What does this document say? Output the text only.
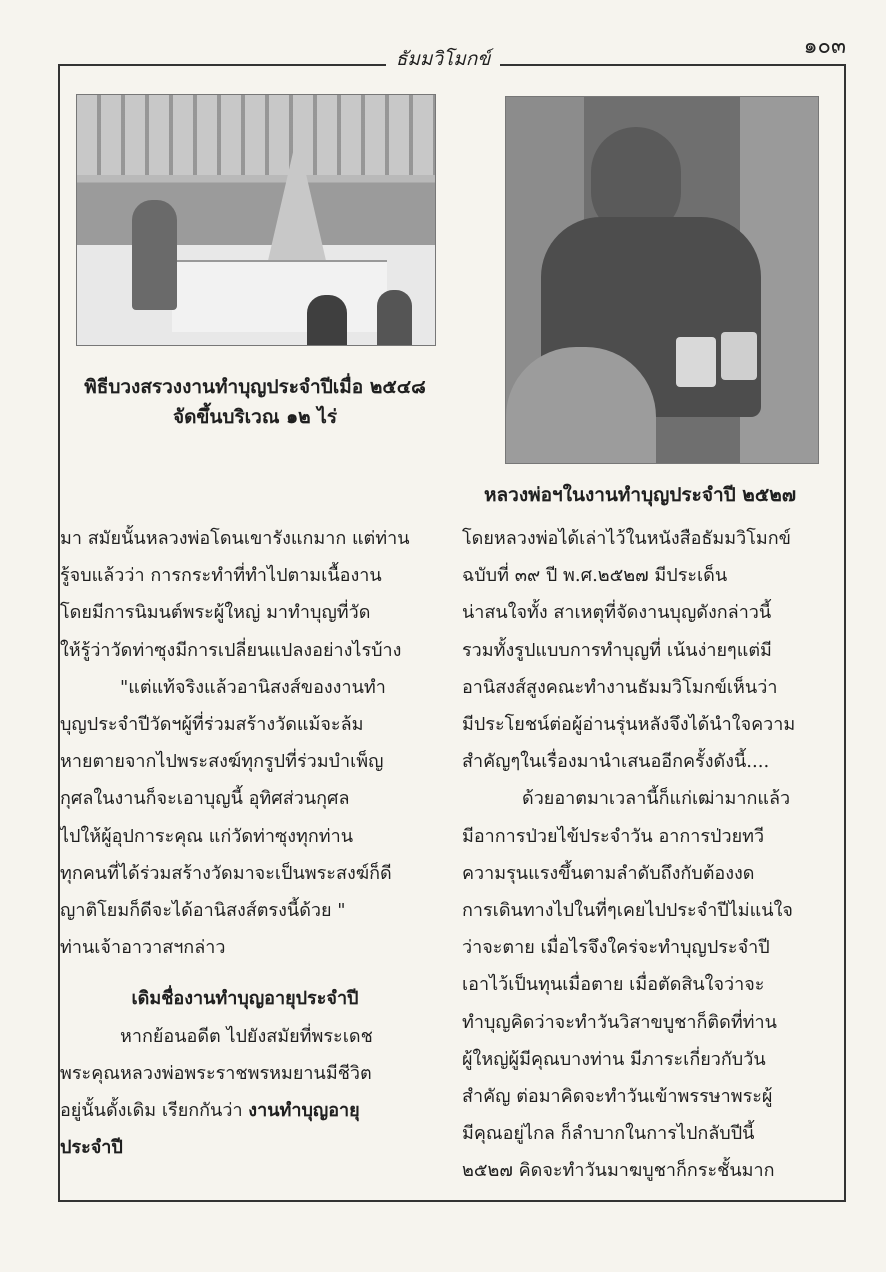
๑๐๓
ธัมมวิโมกข์
พิธีบวงสรวงงานทำบุญประจำปีเมื่อ ๒๕๔๘ จัดขึ้นบริเวณ ๑๒ ไร่
หลวงพ่อฯในงานทำบุญประจำปี ๒๕๒๗
มา สมัยนั้นหลวงพ่อโดนเขารังแกมาก แต่ท่าน
รู้จบแล้วว่า การกระทำที่ทำไปตามเนื้องาน
โดยมีการนิมนต์พระผู้ใหญ่ มาทำบุญที่วัด
ให้รู้ว่าวัดท่าซุงมีการเปลี่ยนแปลงอย่างไรบ้าง
"แต่แท้จริงแล้วอานิสงส์ของงานทำ
บุญประจำปีวัดฯผู้ที่ร่วมสร้างวัดแม้จะล้ม
หายตายจากไปพระสงฆ์ทุกรูปที่ร่วมบำเพ็ญ
กุศลในงานก็จะเอาบุญนี้ อุทิศส่วนกุศล
ไปให้ผู้อุปการะคุณ แก่วัดท่าซุงทุกท่าน
ทุกคนที่ได้ร่วมสร้างวัดมาจะเป็นพระสงฆ์ก็ดี
ญาติโยมก็ดีจะได้อานิสงส์ตรงนี้ด้วย "
ท่านเจ้าอาวาสฯกล่าว
เดิมชื่องานทำบุญอายุประจำปี
หากย้อนอดีต ไปยังสมัยที่พระเดช
พระคุณหลวงพ่อพระราชพรหมยานมีชีวิต
อยู่นั้นดั้งเดิม เรียกกันว่า งานทำบุญอายุ
ประจำปี
โดยหลวงพ่อได้เล่าไว้ในหนังสือธัมมวิโมกข์
ฉบับที่ ๓๙ ปี พ.ศ.๒๕๒๗ มีประเด็น
น่าสนใจทั้ง สาเหตุที่จัดงานบุญดังกล่าวนี้
รวมทั้งรูปแบบการทำบุญที่ เน้นง่ายๆแต่มี
อานิสงส์สูงคณะทำงานธัมมวิโมกข์เห็นว่า
มีประโยชน์ต่อผู้อ่านรุ่นหลังจึงได้นำใจความ
สำคัญๆในเรื่องมานำเสนออีกครั้งดังนี้....
ด้วยอาตมาเวลานี้ก็แก่เฒ่ามากแล้ว
มีอาการป่วยไข้ประจำวัน อาการป่วยทวี
ความรุนแรงขึ้นตามลำดับถึงกับต้องงด
การเดินทางไปในที่ๆเคยไปประจำปีไม่แน่ใจ
ว่าจะตาย เมื่อไรจึงใคร่จะทำบุญประจำปี
เอาไว้เป็นทุนเมื่อตาย เมื่อตัดสินใจว่าจะ
ทำบุญคิดว่าจะทำวันวิสาขบูชาก็ติดที่ท่าน
ผู้ใหญ่ผู้มีคุณบางท่าน มีภาระเกี่ยวกับวัน
สำคัญ ต่อมาคิดจะทำวันเข้าพรรษาพระผู้
มีคุณอยู่ไกล ก็ลำบากในการไปกลับปีนี้
๒๕๒๗ คิดจะทำวันมาฆบูชาก็กระชั้นมาก
